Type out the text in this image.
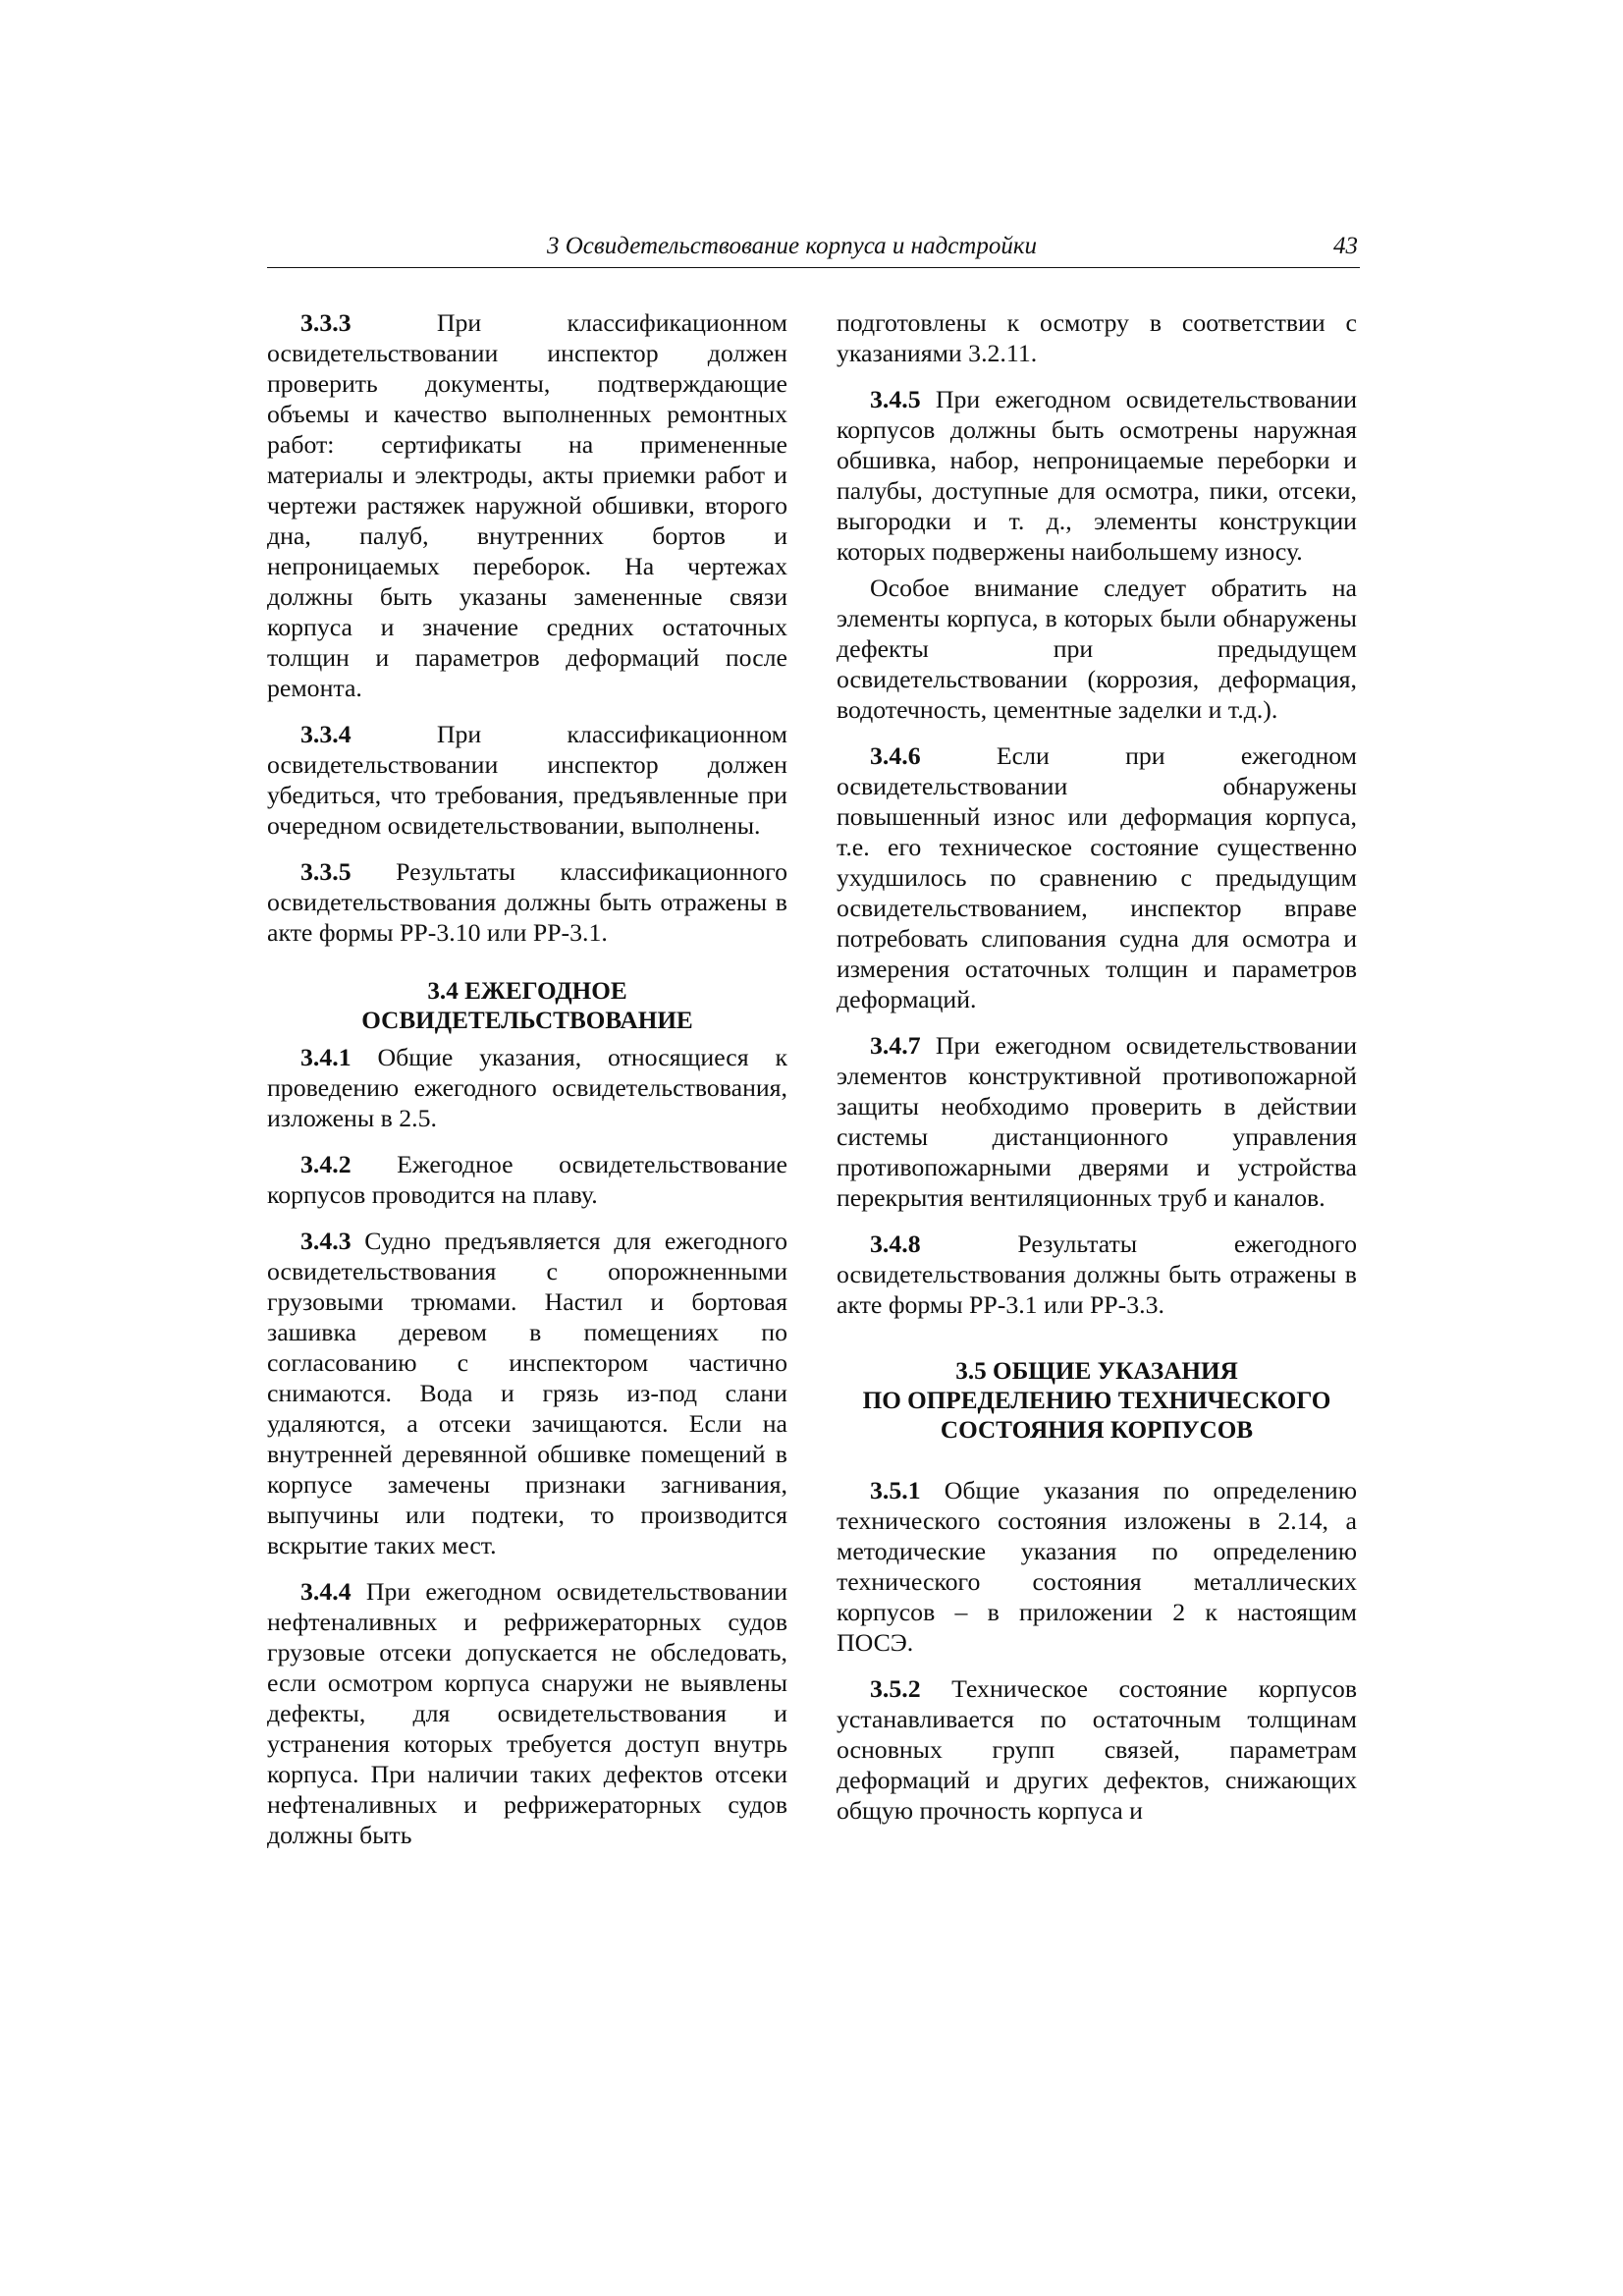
3 Освидетельствование корпуса и надстройки	43

3.3.3	При классификационном освидетельствовании инспектор должен проверить документы, подтверждающие объемы и качество выполненных ремонтных работ: сертификаты на примененные материалы и электроды, акты приемки работ и чертежи растяжек наружной обшивки, второго дна, палуб, внутренних бортов и непроницаемых переборок. На чертежах должны быть указаны замененные связи корпуса и значение средних остаточных толщин и параметров деформаций после ремонта.

3.3.4	При классификационном освидетельствовании инспектор должен убедиться, что требования, предъявленные при очередном освидетельствовании, выполнены.

3.3.5 Результаты классификационного освидетельствования должны быть отражены в акте формы РР-3.10 или РР-3.1.

3.4 ЕЖЕГОДНОЕ
ОСВИДЕТЕЛЬСТВОВАНИЕ

3.4.1 Общие указания, относящиеся к проведению ежегодного освидетельствования, изложены в 2.5.

3.4.2 Ежегодное освидетельствование корпусов проводится на плаву.

3.4.3 Судно предъявляется для ежегодного освидетельствования с опорожненными грузовыми трюмами. Настил и бортовая зашивка деревом в помещениях по согласованию с инспектором частично снимаются. Вода и грязь из-под слани удаляются, а отсеки зачищаются. Если на внутренней деревянной обшивке помещений в корпусе замечены признаки загнивания, выпучины или подтеки, то производится вскрытие таких мест.

3.4.4 При ежегодном освидетельствовании нефтеналивных и рефрижераторных судов грузовые отсеки допускается не обследовать, если осмотром корпуса снаружи не выявлены дефекты, для освидетельствования и устранения которых требуется доступ внутрь корпуса. При наличии таких дефектов отсеки нефтеналивных и рефрижераторных судов должны быть

подготовлены к осмотру в соответствии с указаниями 3.2.11.

3.4.5 При ежегодном освидетельствовании корпусов должны быть осмотрены наружная обшивка, набор, непроницаемые переборки и палубы, доступные для осмотра, пики, отсеки, выгородки и т. д., элементы конструкции которых подвержены наибольшему износу.

Особое внимание следует обратить на элементы корпуса, в которых были обнаружены дефекты при предыдущем освидетельствовании (коррозия, деформация, водотечность, цементные заделки и т.д.).

3.4.6	Если при ежегодном освидетельствовании обнаружены повышенный износ или деформация корпуса, т.е. его техническое состояние существенно ухудшилось по сравнению с предыдущим освидетельствованием, инспектор вправе потребовать слипования судна для осмотра и измерения остаточных толщин и параметров деформаций.

3.4.7 При ежегодном освидетельствовании элементов конструктивной противопожарной защиты необходимо проверить в действии системы дистанционного управления противопожарными дверями и устройства перекрытия вентиляционных труб и каналов.

3.4.8	Результаты ежегодного освидетельствования должны быть отражены в акте формы РР-3.1 или РР-3.3.

3.5 ОБЩИЕ УКАЗАНИЯ
ПО ОПРЕДЕЛЕНИЮ ТЕХНИЧЕСКОГО
СОСТОЯНИЯ КОРПУСОВ

3.5.1 Общие указания по определению технического состояния изложены в 2.14, а методические указания по определению технического состояния металлических корпусов – в приложении 2 к настоящим ПОСЭ.

3.5.2 Техническое состояние корпусов устанавливается по остаточным толщинам основных групп связей, параметрам деформаций и других дефектов, снижающих общую прочность корпуса и
